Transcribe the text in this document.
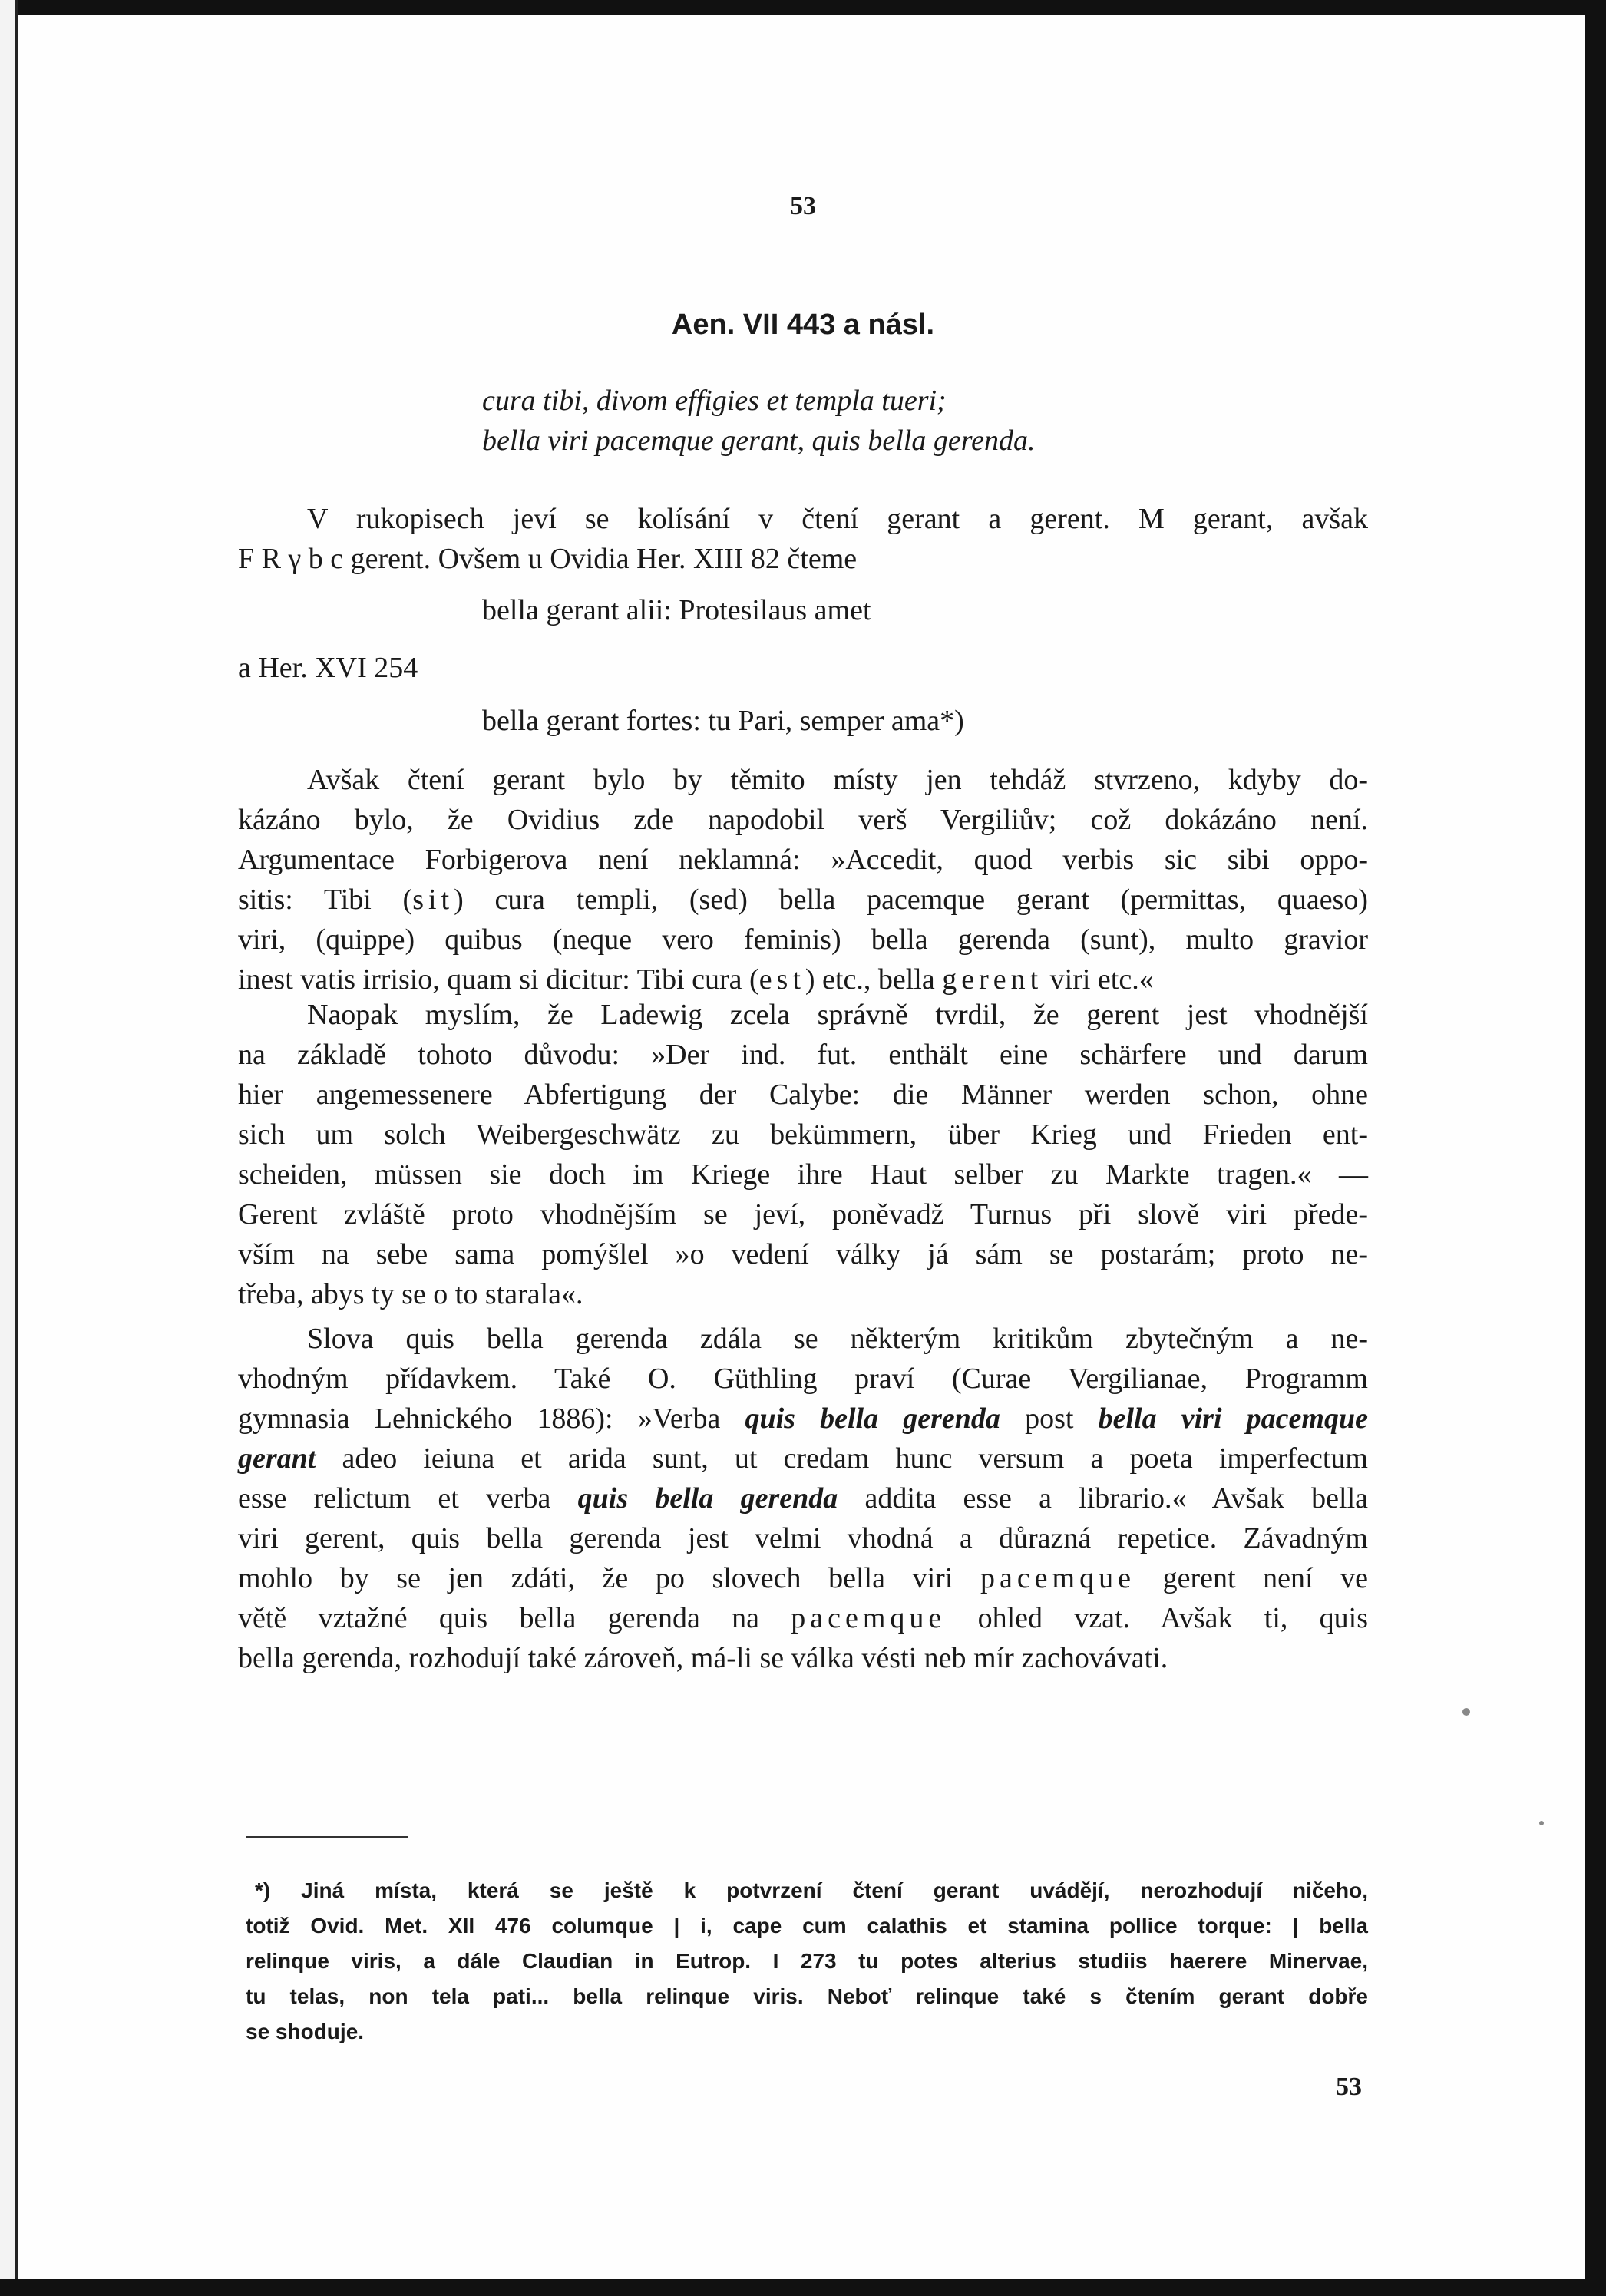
53
Aen. VII 443 a násl.
cura tibi, divom effigies et templa tueri;
bella viri pacemque gerant, quis bella gerenda.
V rukopisech jeví se kolísání v čtení gerant a gerent. M gerant, avšak
F R γ b c gerent. Ovšem u Ovidia Her. XIII 82 čteme
bella gerant alii: Protesilaus amet
a Her. XVI 254
bella gerant fortes: tu Pari, semper ama*)
Avšak čtení gerant bylo by těmito místy jen tehdáž stvrzeno, kdyby do-
kázáno bylo, že Ovidius zde napodobil verš Vergiliův; což dokázáno není.
Argumentace Forbigerova není neklamná: »Accedit, quod verbis sic sibi oppo-
sitis: Tibi (sit) cura templi, (sed) bella pacemque gerant (permittas, quaeso)
viri, (quippe) quibus (neque vero feminis) bella gerenda (sunt), multo gravior
inest vatis irrisio, quam si dicitur: Tibi cura (est) etc., bella gerent viri etc.«
Naopak myslím, že Ladewig zcela správně tvrdil, že gerent jest vhodnější
na základě tohoto důvodu: »Der ind. fut. enthält eine schärfere und darum
hier angemessenere Abfertigung der Calybe: die Männer werden schon, ohne
sich um solch Weibergeschwätz zu bekümmern, über Krieg und Frieden ent-
scheiden, müssen sie doch im Kriege ihre Haut selber zu Markte tragen.« —
Gerent zvláště proto vhodnějším se jeví, poněvadž Turnus při slově viri přede-
vším na sebe sama pomýšlel »o vedení války já sám se postarám; proto ne-
třeba, abys ty se o to starala«.
Slova quis bella gerenda zdála se některým kritikům zbytečným a ne-
vhodným přídavkem. Také O. Güthling praví (Curae Vergilianae, Programm
gymnasia Lehnického 1886): »Verba quis bella gerenda post bella viri pacemque
gerant adeo ieiuna et arida sunt, ut credam hunc versum a poeta imperfectum
esse relictum et verba quis bella gerenda addita esse a librario.« Avšak bella
viri gerent, quis bella gerenda jest velmi vhodná a důrazná repetice. Závadným
mohlo by se jen zdáti, že po slovech bella viri pacemque gerent není ve
větě vztažné quis bella gerenda na pacemque ohled vzat. Avšak ti, quis
bella gerenda, rozhodují také zároveň, má-li se válka vésti neb mír zachovávati.
*) Jiná místa, která se ještě k potvrzení čtení gerant uvádějí, nerozhodují ničeho,
totiž Ovid. Met. XII 476 columque | i, cape cum calathis et stamina pollice torque: | bella
relinque viris, a dále Claudian in Eutrop. I 273 tu potes alterius studiis haerere Minervae,
tu telas, non tela pati... bella relinque viris. Neboť relinque také s čtením gerant dobře
se shoduje.
53
